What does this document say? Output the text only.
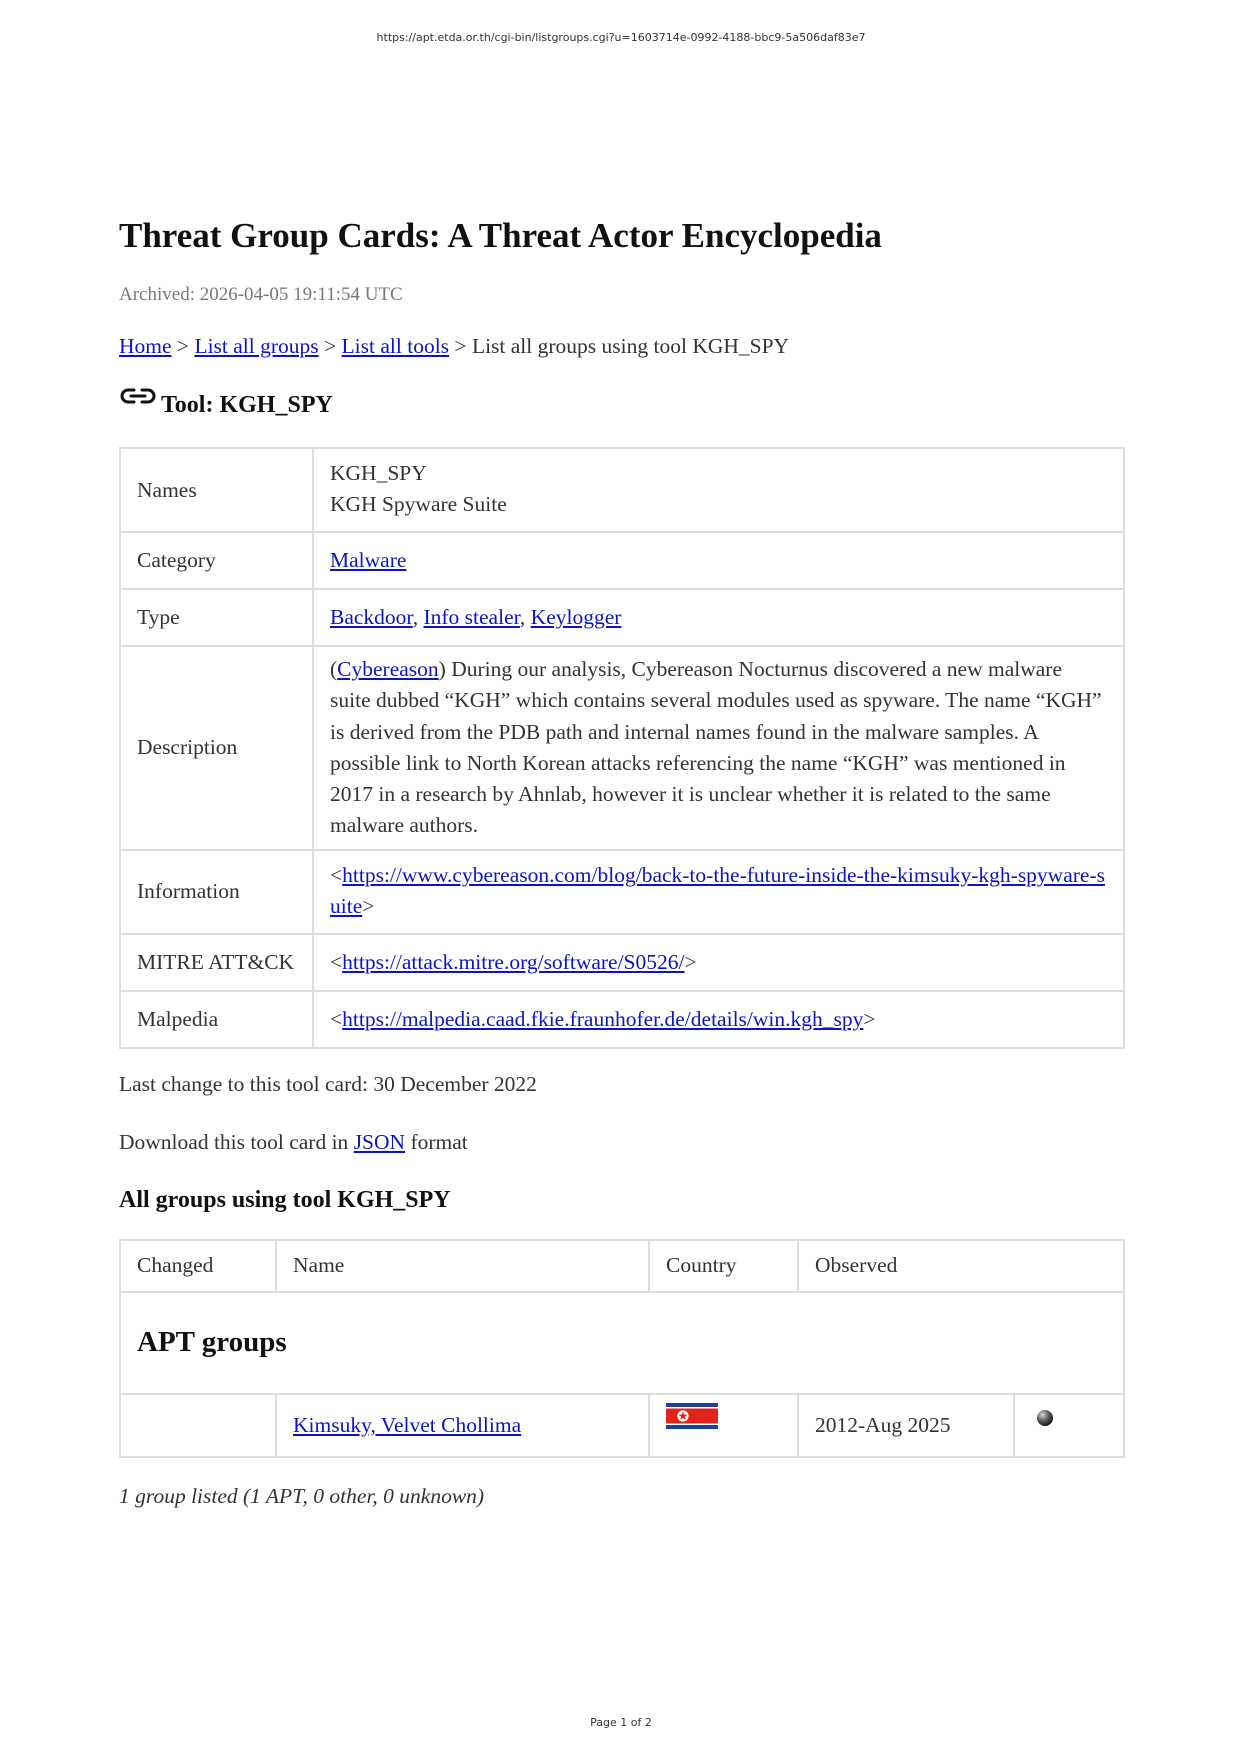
https://apt.etda.or.th/cgi-bin/listgroups.cgi?u=1603714e-0992-4188-bbc9-5a506daf83e7
Threat Group Cards: A Threat Actor Encyclopedia
Archived: 2026-04-05 19:11:54 UTC
Home > List all groups > List all tools > List all groups using tool KGH_SPY
Tool: KGH_SPY
Names	KGH_SPY
KGH Spyware Suite

Category	Malware
Type	Backdoor, Info stealer, Keylogger
Description	(Cybereason) During our analysis, Cybereason Nocturnus discovered a new malware suite dubbed “KGH” which contains several modules used as spyware. The name “KGH” is derived from the PDB path and internal names found in the malware samples. A possible link to North Korean attacks referencing the name “KGH” was mentioned in 2017 in a research by Ahnlab, however it is unclear whether it is related to the same malware authors.
Information	<https://www.cybereason.com/blog/back-to-the-future-inside-the-kimsuky-kgh-spyware-suite>
MITRE ATT&CK	<https://attack.mitre.org/software/S0526/>
Malpedia	<https://malpedia.caad.fkie.fraunhofer.de/details/win.kgh_spy>
Last change to this tool card: 30 December 2022
Download this tool card in JSON format
All groups using tool KGH_SPY
Changed	Name	Country	Observed	
APT groups				
	Kimsuky, Velvet Chollima		2012-Aug 2025	
1 group listed (1 APT, 0 other, 0 unknown)
Page 1 of 2
